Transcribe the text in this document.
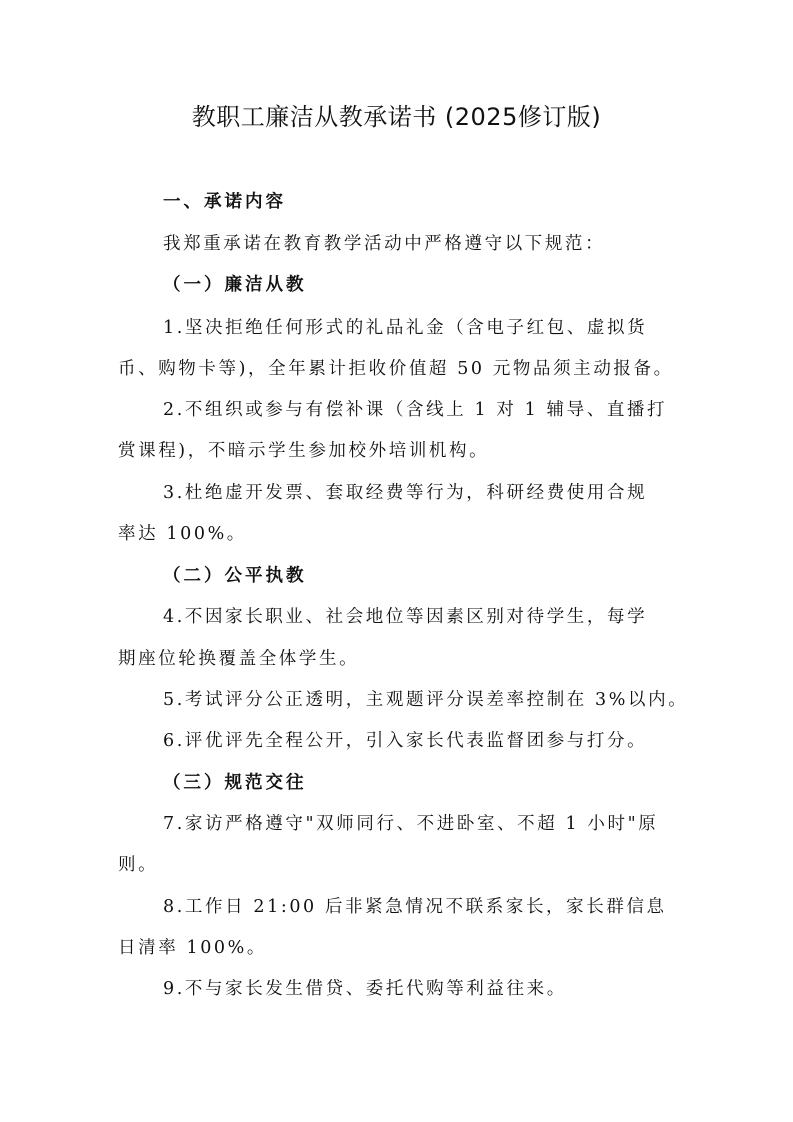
教职工廉洁从教承诺书 (2025修订版)
一、承诺内容
我郑重承诺在教育教学活动中严格遵守以下规范：
（一）廉洁从教
1.坚决拒绝任何形式的礼品礼金（含电子红包、虚拟货
币、购物卡等)，全年累计拒收价值超 50 元物品须主动报备。
2.不组织或参与有偿补课（含线上 1 对 1 辅导、直播打
赏课程)，不暗示学生参加校外培训机构。
3.杜绝虚开发票、套取经费等行为，科研经费使用合规
率达 100%。
（二）公平执教
4.不因家长职业、社会地位等因素区别对待学生，每学
期座位轮换覆盖全体学生。
5.考试评分公正透明，主观题评分误差率控制在 3%以内。
6.评优评先全程公开，引入家长代表监督团参与打分。
（三）规范交往
7.家访严格遵守"双师同行、不进卧室、不超 1 小时"原
则。
8.工作日 21:00 后非紧急情况不联系家长，家长群信息
日清率 100%。
9.不与家长发生借贷、委托代购等利益往来。
